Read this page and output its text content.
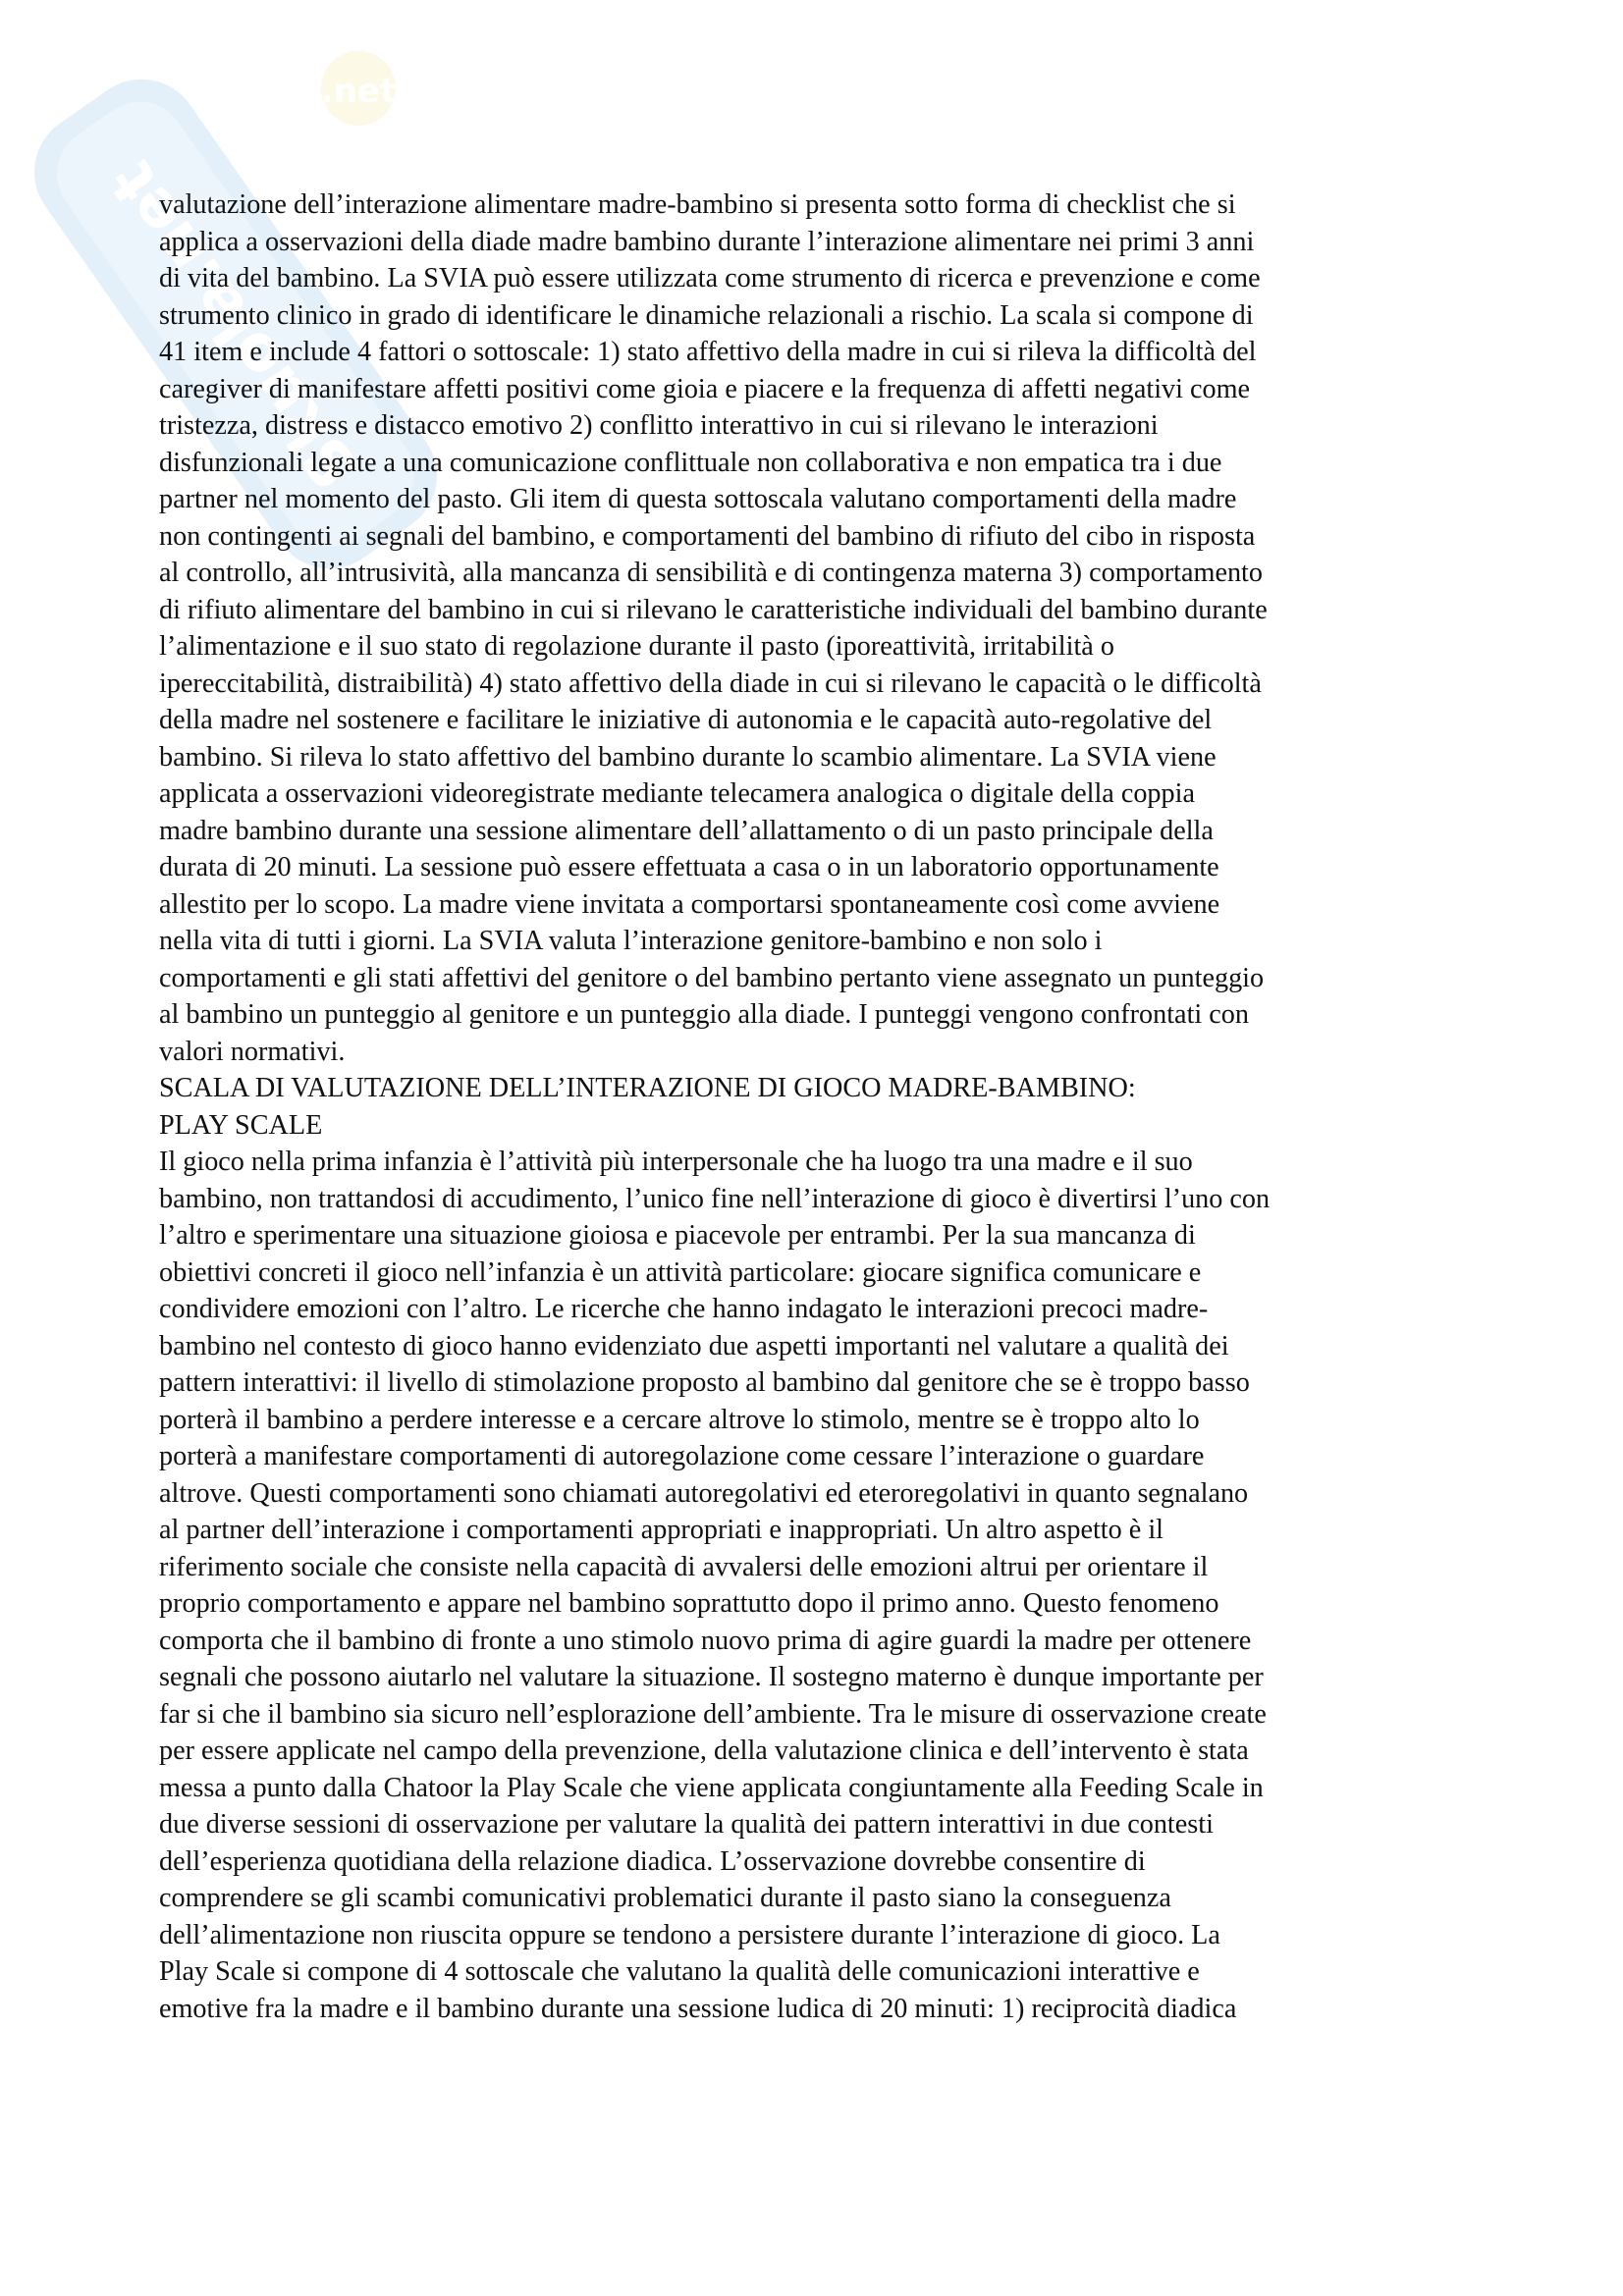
Skuola.net
.net
valutazione dell’interazione alimentare madre-bambino si presenta sotto forma di checklist che si
applica a osservazioni della diade madre bambino durante l’interazione alimentare nei primi 3 anni
di vita del bambino. La SVIA può essere utilizzata come strumento di ricerca e prevenzione e come
strumento clinico in grado di identificare le dinamiche relazionali a rischio. La scala si compone di
41 item e include 4 fattori o sottoscale: 1) stato affettivo della madre in cui si rileva la difficoltà del
caregiver di manifestare affetti positivi come gioia e piacere e la frequenza di affetti negativi come
tristezza, distress e distacco emotivo 2) conflitto interattivo in cui si rilevano le interazioni
disfunzionali legate a una comunicazione conflittuale non collaborativa e non empatica tra i due
partner nel momento del pasto. Gli item di questa sottoscala valutano comportamenti della madre
non contingenti ai segnali del bambino, e comportamenti del bambino di rifiuto del cibo in risposta
al controllo, all’intrusività, alla mancanza di sensibilità e di contingenza materna 3) comportamento
di rifiuto alimentare del bambino in cui si rilevano le caratteristiche individuali del bambino durante
l’alimentazione e il suo stato di regolazione durante il pasto (iporeattività, irritabilità o
ipereccitabilità, distraibilità) 4) stato affettivo della diade in cui si rilevano le capacità o le difficoltà
della madre nel sostenere e facilitare le iniziative di autonomia e le capacità auto-regolative del
bambino. Si rileva lo stato affettivo del bambino durante lo scambio alimentare. La SVIA viene
applicata a osservazioni videoregistrate mediante telecamera analogica o digitale della coppia
madre bambino durante una sessione alimentare dell’allattamento o di un pasto principale della
durata di 20 minuti. La sessione può essere effettuata a casa o in un laboratorio opportunamente
allestito per lo scopo. La madre viene invitata a comportarsi spontaneamente così come avviene
nella vita di tutti i giorni. La SVIA valuta l’interazione genitore-bambino e non solo i
comportamenti e gli stati affettivi del genitore o del bambino pertanto viene assegnato un punteggio
al bambino un punteggio al genitore e un punteggio alla diade. I punteggi vengono confrontati con
valori normativi.
SCALA DI VALUTAZIONE DELL’INTERAZIONE DI GIOCO MADRE-BAMBINO:
PLAY SCALE
Il gioco nella prima infanzia è l’attività più interpersonale che ha luogo tra una madre e il suo
bambino, non trattandosi di accudimento, l’unico fine nell’interazione di gioco è divertirsi l’uno con
l’altro e sperimentare una situazione gioiosa e piacevole per entrambi. Per la sua mancanza di
obiettivi concreti il gioco nell’infanzia è un attività particolare: giocare significa comunicare e
condividere emozioni con l’altro. Le ricerche che hanno indagato le interazioni precoci madre-
bambino nel contesto di gioco hanno evidenziato due aspetti importanti nel valutare a qualità dei
pattern interattivi: il livello di stimolazione proposto al bambino dal genitore che se è troppo basso
porterà il bambino a perdere interesse e a cercare altrove lo stimolo, mentre se è troppo alto lo
porterà a manifestare comportamenti di autoregolazione come cessare l’interazione o guardare
altrove. Questi comportamenti sono chiamati autoregolativi ed eteroregolativi in quanto segnalano
al partner dell’interazione i comportamenti appropriati e inappropriati. Un altro aspetto è il
riferimento sociale che consiste nella capacità di avvalersi delle emozioni altrui per orientare il
proprio comportamento e appare nel bambino soprattutto dopo il primo anno. Questo fenomeno
comporta che il bambino di fronte a uno stimolo nuovo prima di agire guardi la madre per ottenere
segnali che possono aiutarlo nel valutare la situazione. Il sostegno materno è dunque importante per
far si che il bambino sia sicuro nell’esplorazione dell’ambiente. Tra le misure di osservazione create
per essere applicate nel campo della prevenzione, della valutazione clinica e dell’intervento è stata
messa a punto dalla Chatoor la Play Scale che viene applicata congiuntamente alla Feeding Scale in
due diverse sessioni di osservazione per valutare la qualità dei pattern interattivi in due contesti
dell’esperienza quotidiana della relazione diadica. L’osservazione dovrebbe consentire di
comprendere se gli scambi comunicativi problematici durante il pasto siano la conseguenza
dell’alimentazione non riuscita oppure se tendono a persistere durante l’interazione di gioco. La
Play Scale si compone di 4 sottoscale che valutano la qualità delle comunicazioni interattive e
emotive fra la madre e il bambino durante una sessione ludica di 20 minuti: 1) reciprocità diadica
